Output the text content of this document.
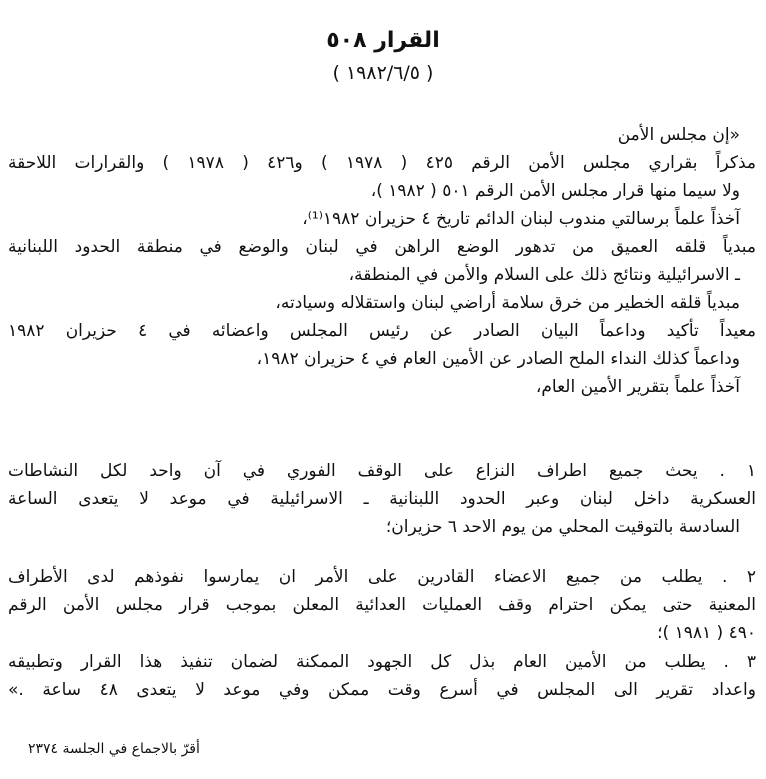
القرار ٥٠٨
( ١٩٨٢/٦/٥ )
«إن مجلس الأمن
مذكراً بقراري مجلس الأمن الرقم ٤٢٥ ( ١٩٧٨ ) و٤٢٦ ( ١٩٧٨ ) والقرارات اللاحقة
ولا سيما منها قرار مجلس الأمن الرقم ٥٠١ ( ١٩٨٢ )،
آخذاً علماً برسالتي مندوب لبنان الدائم تاريخ ٤ حزيران ١٩٨٢⁽¹⁾،
مبدياً قلقه العميق من تدهور الوضع الراهن في لبنان والوضع في منطقة الحدود اللبنانية
ـ الاسرائيلية ونتائج ذلك على السلام والأمن في المنطقة،
مبدياً قلقه الخطير من خرق سلامة أراضي لبنان واستقلاله وسيادته،
معيداً تأكيد وداعماً البيان الصادر عن رئيس المجلس واعضائه في ٤ حزيران ١٩٨٢
وداعماً كذلك النداء الملح الصادر عن الأمين العام في ٤ حزيران ١٩٨٢،
آخذاً علماً بتقرير الأمين العام،
١ . يحث جميع اطراف النزاع على الوقف الفوري في آن واحد لكل النشاطات
العسكرية داخل لبنان وعبر الحدود اللبنانية ـ الاسرائيلية في موعد لا يتعدى الساعة
السادسة بالتوقيت المحلي من يوم الاحد ٦ حزيران؛
٢ . يطلب من جميع الاعضاء القادرين على الأمر ان يمارسوا نفوذهم لدى الأطراف
المعنية حتى يمكن احترام وقف العمليات العدائية المعلن بموجب قرار مجلس الأمن الرقم
٤٩٠ ( ١٩٨١ )؛
٣ . يطلب من الأمين العام بذل كل الجهود الممكنة لضمان تنفيذ هذا القرار وتطبيقه
واعداد تقرير الى المجلس في أسرع وقت ممكن وفي موعد لا يتعدى ٤٨ ساعة .»
أقرّ بالاجماع في الجلسة ٢٣٧٤
